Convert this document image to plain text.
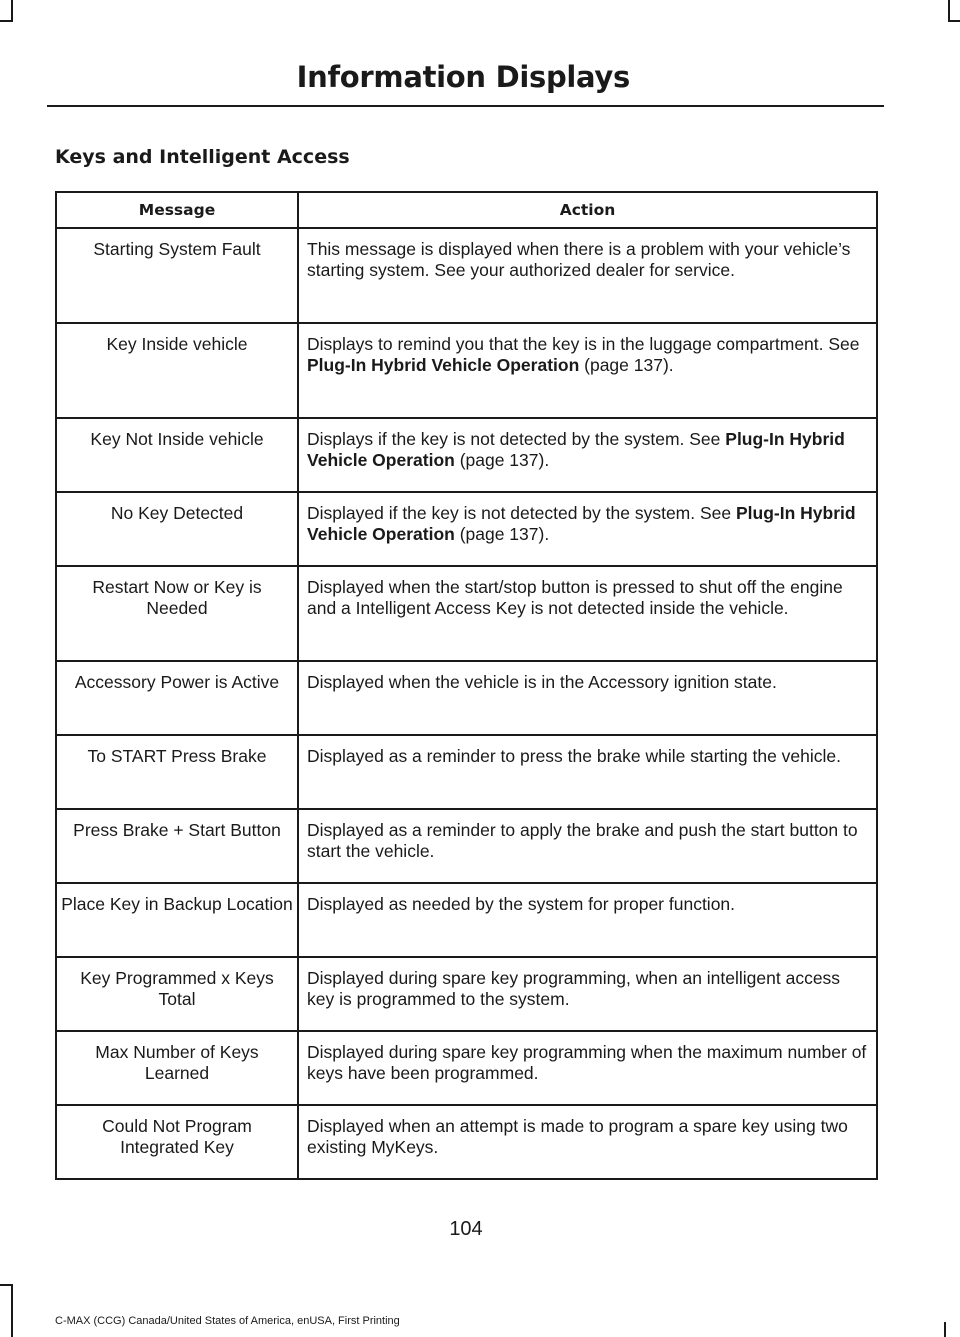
Information Displays
Keys and Intelligent Access
Message	Action
Starting System Fault	This message is displayed when there is a problem with your vehicle’s starting system. See your authorized dealer for service.
Key Inside vehicle	Displays to remind you that the key is in the luggage compartment. See Plug-In Hybrid Vehicle Operation (page 137).
Key Not Inside vehicle	Displays if the key is not detected by the system. See Plug-In Hybrid Vehicle Operation (page 137).
No Key Detected	Displayed if the key is not detected by the system. See Plug-In Hybrid Vehicle Operation (page 137).
Restart Now or Key is Needed	Displayed when the start/stop button is pressed to shut off the engine and a Intelligent Access Key is not detected inside the vehicle.
Accessory Power is Active	Displayed when the vehicle is in the Accessory ignition state.
To START Press Brake	Displayed as a reminder to press the brake while starting the vehicle.
Press Brake + Start Button	Displayed as a reminder to apply the brake and push the start button to start the vehicle.
Place Key in Backup Location	Displayed as needed by the system for proper function.
Key Programmed x Keys Total	Displayed during spare key programming, when an intelligent access key is programmed to the system.
Max Number of Keys Learned	Displayed during spare key programming when the maximum number of keys have been programmed.
Could Not Program Integrated Key	Displayed when an attempt is made to program a spare key using two existing MyKeys.
104
C-MAX (CCG) Canada/United States of America, enUSA, First Printing
